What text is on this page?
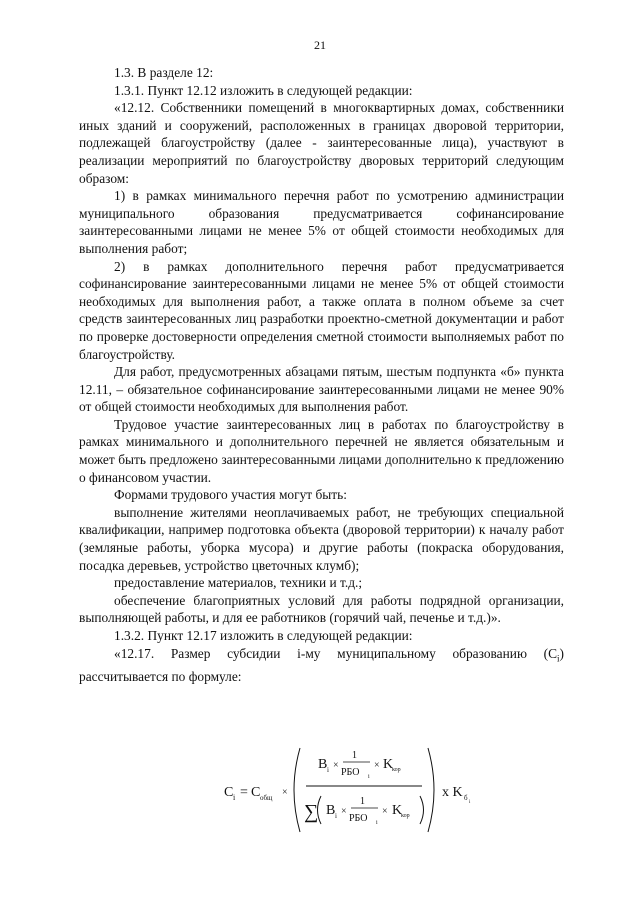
21

1.3. В разделе 12:

1.3.1. Пункт 12.12 изложить в следующей редакции:

«12.12. Собственники помещений в многоквартирных домах, собственники иных зданий и сооружений, расположенных в границах дворовой территории, подлежащей благоустройству (далее - заинтересованные лица), участвуют в реализации мероприятий по благоустройству дворовых территорий следующим образом:

1) в рамках минимального перечня работ по усмотрению администрации муниципального образования предусматривается софинансирование заинтересованными лицами не менее 5% от общей стоимости необходимых для выполнения работ;

2) в рамках дополнительного перечня работ предусматривается софинансирование заинтересованными лицами не менее 5% от общей стоимости необходимых для выполнения работ, а также оплата в полном объеме за счет средств заинтересованных лиц разработки проектно-сметной документации и работ по проверке достоверности определения сметной стоимости выполняемых работ по благоустройству.

Для работ, предусмотренных абзацами пятым, шестым подпункта «б» пункта 12.11, – обязательное софинансирование заинтересованными лицами не менее 90% от общей стоимости необходимых для выполнения работ.

Трудовое участие заинтересованных лиц в работах по благоустройству в рамках минимального и дополнительного перечней не является обязательным и может быть предложено заинтересованными лицами дополнительно к предложению о финансовом участии.

Формами трудового участия могут быть:

выполнение жителями неоплачиваемых работ, не требующих специальной квалификации, например подготовка объекта (дворовой территории) к началу работ (земляные работы, уборка мусора) и другие работы (покраска оборудования, посадка деревьев, устройство цветочных клумб);

предоставление материалов, техники и т.д.;

обеспечение благоприятных условий для работы подрядной организации, выполняющей работы, и для ее работников (горячий чай, печенье и т.д.)».

1.3.2. Пункт 12.17 изложить в следующей редакции:

«12.17. Размер субсидии i-му муниципальному образованию $(C_i)$ рассчитывается по формуле:

C i = C общ ×
B i ×
1
РБО i
× K
кор
∑ B i ×
1
РБО i
× K
кор
x K б
i
